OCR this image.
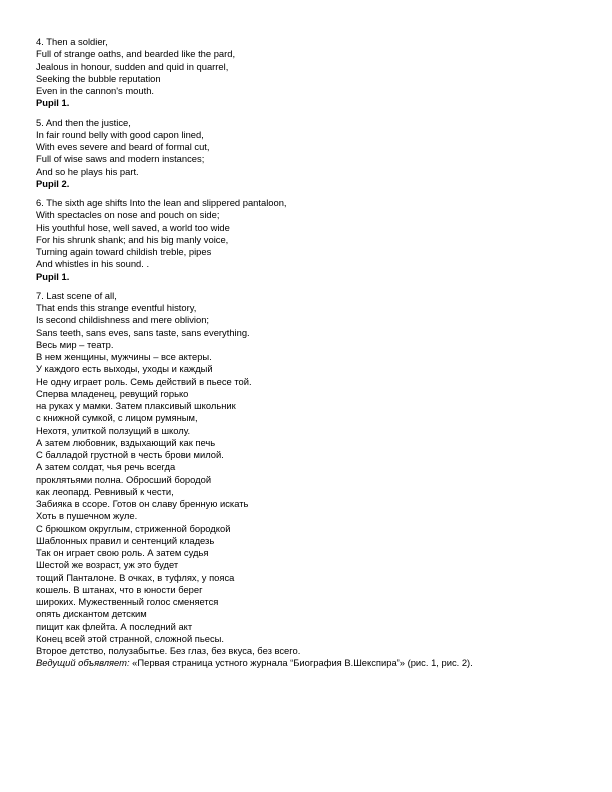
4. Then a soldier,
Full of strange oaths, and bearded like the pard,
Jealous in honour, sudden and quid in quarrel,
Seeking the bubble reputation
Even in the cannon's mouth.
Pupil 1.
5. And then the justice,
In fair round belly with good capon lined,
With eves severe and beard of formal cut,
Full of wise saws and modern instances;
And so he plays his part.
Pupil 2.
6. The sixth age shifts Into the lean and slippered pantaloon,
With spectacles on nose and pouch on side;
His youthful hose, well saved, a world too wide
For his shrunk shank; and his big manly voice,
Turning again toward childish treble, pipes
And whistles in his sound. .
Pupil 1.
7. Last scene of all,
That ends this strange eventful history,
Is second childishness and mere oblivion;
Sans teeth, sans eves, sans taste, sans everything.
Весь мир – театр.
В нем женщины, мужчины – все актеры.
У каждого есть выходы, уходы и каждый
Не одну играет роль. Семь действий в пьесе той.
Сперва младенец, ревущий горько
на руках у мамки. Затем плаксивый школьник
с книжной сумкой, с лицом румяным,
Нехотя, улиткой ползущий в школу.
А затем любовник, вздыхающий как печь
С балладой грустной в честь брови милой.
А затем солдат, чья речь всегда
проклятьями полна. Обросший бородой
как леопард. Ревнивый к чести,
Забияка в ссоре. Готов он славу бренную искать
Хоть в пушечном жуле.
С брюшком округлым, стриженной бородкой
Шаблонных правил и сентенций кладезь
Так он играет свою роль. А затем судья
Шестой же возраст, уж это будет
тощий Панталоне. В очках, в туфлях, у пояса
кошель. В штанах, что в юности берег
широких. Мужественный голос сменяется
опять дискантом детским
пищит как флейта. А последний акт
Конец всей этой странной, сложной пьесы.
Второе детство, полузабытье. Без глаз, без вкуса, без всего.
Ведущий объявляет: «Первая страница устного журнала “Биография В.Шекспира”» (рис. 1, рис. 2).
